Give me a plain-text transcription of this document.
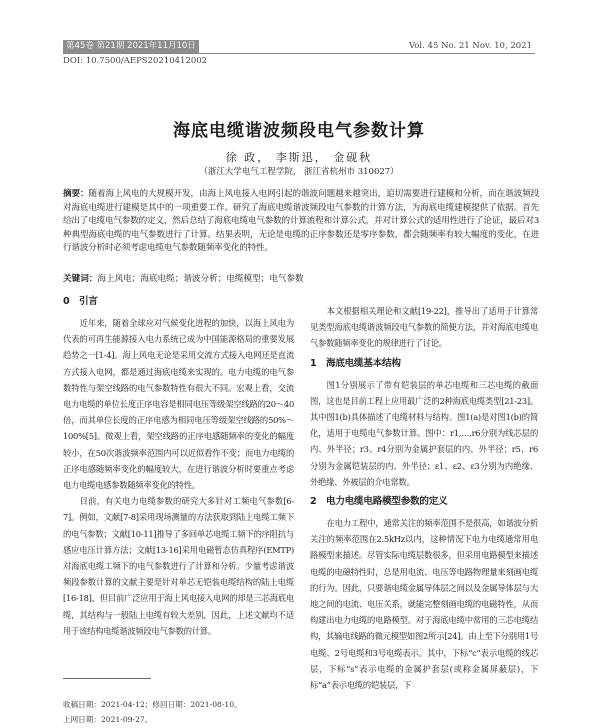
第45卷 第21期 2021年11月10日	Vol. 45 No. 21 Nov. 10, 2021
DOI: 10.7500/AEPS20210412002
海底电缆谐波频段电气参数计算
徐 政， 李斯迅， 金砚秋
（浙江大学电气工程学院， 浙江省杭州市 310027）
摘要：随着海上风电的大规模开发，由海上风电接入电网引起的谐波问题越来越突出，追切需要进行建模和分析，而在谐波频段对海底电缆进行建模是其中的一项重要工作。研究了海底电缆谐波频段电气参数的计算方法，为海底电缆建模提供了依据。首先给出了电缆电气参数的定义，然后总结了海底电缆电气参数的计算流程和计算公式，并对计算公式的适用性进行了论证，最后对3种典型海底电缆的电气参数进行了计算。结果表明，无论是电缆的正序参数还是零序参数，都会随频率有较大幅度的变化，在进行谐波分析时必须考虑电缆电气参数随频率变化的特性。
关键词：海上风电；海底电缆；谐波分析；电缆模型；电气参数
0 引言

近年来，随着全球应对气候变化进程的加快，以海上风电为代表的可再生能源接入电力系统已成为中国能源格局的重要发展趋势之一[1-4]。海上风电无论是采用交流方式接入电网还是直流方式接入电网，都是通过海底电缆来实现的。电力电缆的电气参数特性与架空线路的电气参数特性有很大不同。宏观上看，交流电力电缆的单位长度正序电容是相同电压等级架空线路的20～40倍，而其单位长度的正序电感为相同电压等级架空线路的50%～100%[5]。微观上看，架空线路的正序电感随频率的变化的幅度较小，在50次谐波频率范围内可以近似看作不变；而电力电缆的正序电感随频率变化的幅度较大，在进行谐波分析时要重点考虑电力电缆电感参数随频率变化的特性。

目前，有关电力电缆参数的研究大多针对工频电气参数[6-7]。例如，文献[7-8]采用现场测量的方法获取到陆上电缆工频下的电气参数；文献[10-11]推导了多回单芯电缆工频下的序阻抗与感应电压计算方法；文献[13-16]采用电磁暂态仿真程序(EMTP)对海底电缆工频下的电气参数进行了计算和分析。少量考虑谐波频段参数计算的文献主要是针对单芯无铠装电缆结构的陆上电缆[16-18]，但目前广泛应用于海上风电接入电网的却是三芯海底电缆，其结构与一般陆上电缆有较大差别，因此，上述文献均不适用于该结构电缆谐波频段电气参数的计算。

本文根据相关理论和文献[19-22]，推导出了适用于计算常见类型海底电缆谐波频段电气参数的简便方法，并对海底电缆电气参数随频率变化的规律进行了讨论。

1 海底电缆基本结构

图1分别展示了带有铠装层的单芯电缆和三芯电缆的截面图，这也是目前工程上应用最广泛的2种海底电缆类型[21-23]。其中图1(b)具体描述了电缆材料与结构。图1(a)是对图1(b)的简化，适用于电缆电气参数计算。图中：r1,…,r6分别为线芯层的内、外半径；r3、r4分别为金属护套层的内、外半径；r5、r6分别为金属铠装层的内、外半径；ε1、ε2、ε3分别为内绝缘、外绝缘、外被层的介电常数。

2 电力电缆电路模型参数的定义

在电力工程中，通常关注的频率范围不是很高，如谐波分析关注的频率范围在2.5kHz以内，这种情况下电力电缆通常用电路模型来描述。尽管实际电缆层数很多，但采用电路模型来描述电缆的电磁特性时，总是用电流、电压等电路物理量来刻画电缆的行为。因此，只要谐电缆金属导体层之间以及金属导体层与大地之间的电流、电压关系，就能完整刻画电缆的电磁特性，从而构建出电力电缆的电路模型。对于海底电缆中常用的三芯电缆结构，其输电线路的微元模型如图2所示[24]。由上至下分别用1号电缆、2号电缆和3号电缆表示。其中，下标“c”表示电缆的线芯层，下标“s”表示电缆的金属护套层(或称金属屏蔽层)，下标“a”表示电缆的铠装层，下

收稿日期：2021-04-12；修回日期：2021-08-10。
上网日期：2021-09-27。
